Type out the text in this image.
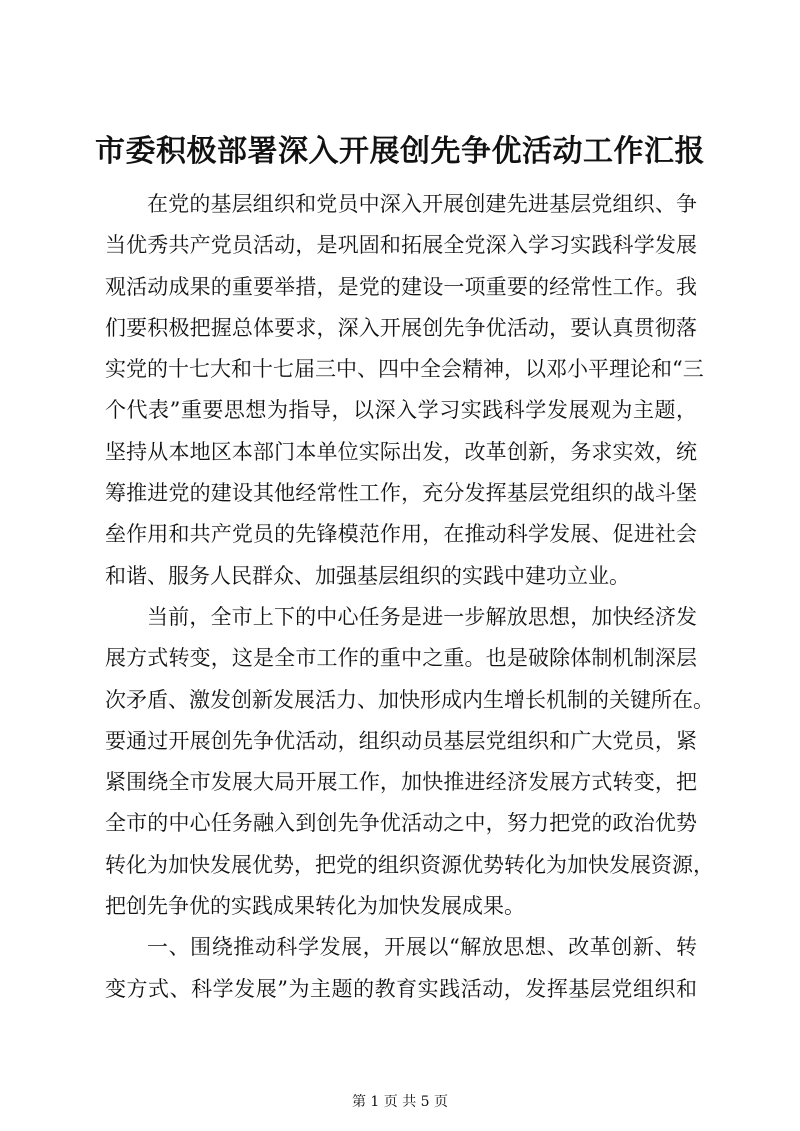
市委积极部署深入开展创先争优活动工作汇报
在党的基层组织和党员中深入开展创建先进基层党组织、争
当优秀共产党员活动，是巩固和拓展全党深入学习实践科学发展
观活动成果的重要举措，是党的建设一项重要的经常性工作。我
们要积极把握总体要求，深入开展创先争优活动，要认真贯彻落
实党的十七大和十七届三中、四中全会精神，以邓小平理论和“三
个代表”重要思想为指导，以深入学习实践科学发展观为主题，
坚持从本地区本部门本单位实际出发，改革创新，务求实效，统
筹推进党的建设其他经常性工作，充分发挥基层党组织的战斗堡
垒作用和共产党员的先锋模范作用，在推动科学发展、促进社会
和谐、服务人民群众、加强基层组织的实践中建功立业。
当前，全市上下的中心任务是进一步解放思想，加快经济发
展方式转变，这是全市工作的重中之重。也是破除体制机制深层
次矛盾、激发创新发展活力、加快形成内生增长机制的关键所在。
要通过开展创先争优活动，组织动员基层党组织和广大党员，紧
紧围绕全市发展大局开展工作，加快推进经济发展方式转变，把
全市的中心任务融入到创先争优活动之中，努力把党的政治优势
转化为加快发展优势，把党的组织资源优势转化为加快发展资源，
把创先争优的实践成果转化为加快发展成果。
一、围绕推动科学发展，开展以“解放思想、改革创新、转
变方式、科学发展”为主题的教育实践活动，发挥基层党组织和
第 1 页 共 5 页
